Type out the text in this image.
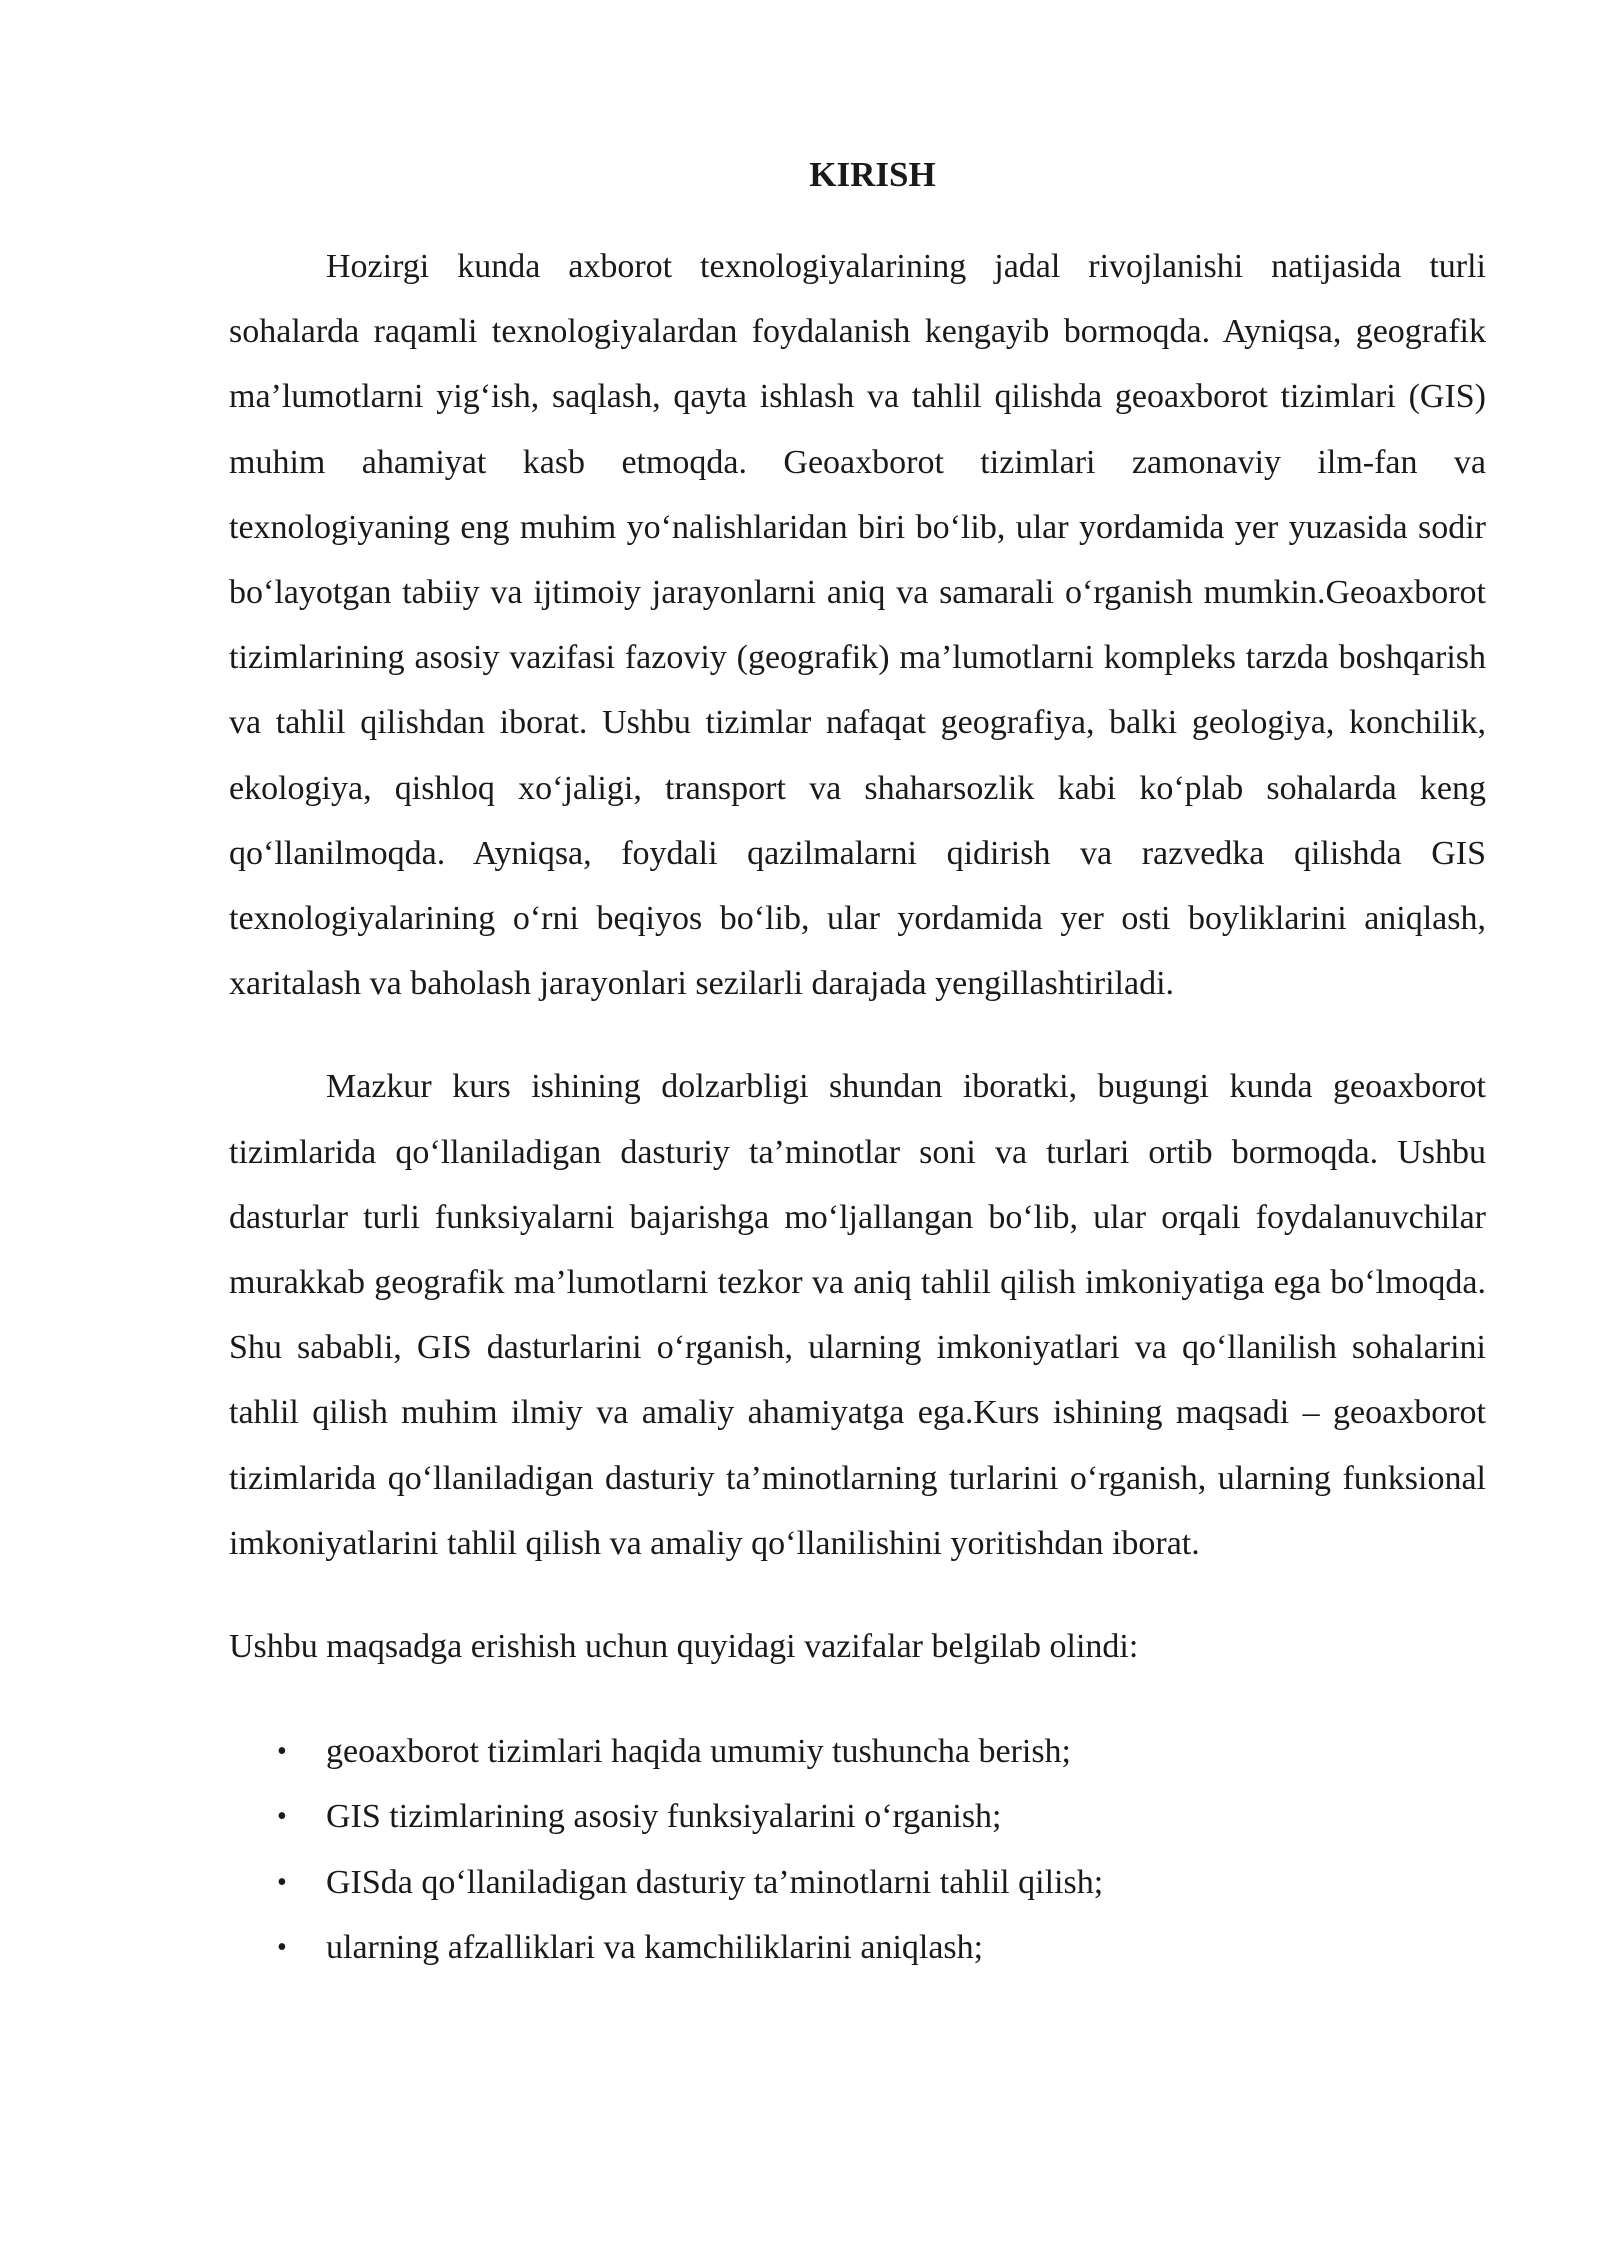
KIRISH

Hozirgi kunda axborot texnologiyalarining jadal rivojlanishi natijasida turli sohalarda raqamli texnologiyalardan foydalanish kengayib bormoqda. Ayniqsa, geografik ma’lumotlarni yig‘ish, saqlash, qayta ishlash va tahlil qilishda geoaxborot tizimlari (GIS) muhim ahamiyat kasb etmoqda. Geoaxborot tizimlari zamonaviy ilm-fan va texnologiyaning eng muhim yo‘nalishlaridan biri bo‘lib, ular yordamida yer yuzasida sodir bo‘layotgan tabiiy va ijtimoiy jarayonlarni aniq va samarali o‘rganish mumkin.Geoaxborot tizimlarining asosiy vazifasi fazoviy (geografik) ma’lumotlarni kompleks tarzda boshqarish va tahlil qilishdan iborat. Ushbu tizimlar nafaqat geografiya, balki geologiya, konchilik, ekologiya, qishloq xo‘jaligi, transport va shaharsozlik kabi ko‘plab sohalarda keng qo‘llanilmoqda. Ayniqsa, foydali qazilmalarni qidirish va razvedka qilishda GIS texnologiyalarining o‘rni beqiyos bo‘lib, ular yordamida yer osti boyliklarini aniqlash, xaritalash va baholash jarayonlari sezilarli darajada yengillashtiriladi.

Mazkur kurs ishining dolzarbligi shundan iboratki, bugungi kunda geoaxborot tizimlarida qo‘llaniladigan dasturiy ta’minotlar soni va turlari ortib bormoqda. Ushbu dasturlar turli funksiyalarni bajarishga mo‘ljallangan bo‘lib, ular orqali foydalanuvchilar murakkab geografik ma’lumotlarni tezkor va aniq tahlil qilish imkoniyatiga ega bo‘lmoqda. Shu sababli, GIS dasturlarini o‘rganish, ularning imkoniyatlari va qo‘llanilish sohalarini tahlil qilish muhim ilmiy va amaliy ahamiyatga ega.Kurs ishining maqsadi – geoaxborot tizimlarida qo‘llaniladigan dasturiy ta’minotlarning turlarini o‘rganish, ularning funksional imkoniyatlarini tahlil qilish va amaliy qo‘llanilishini yoritishdan iborat.

Ushbu maqsadga erishish uchun quyidagi vazifalar belgilab olindi:

• geoaxborot tizimlari haqida umumiy tushuncha berish;
• GIS tizimlarining asosiy funksiyalarini o‘rganish;
• GISda qo‘llaniladigan dasturiy ta’minotlarni tahlil qilish;
• ularning afzalliklari va kamchiliklarini aniqlash;
